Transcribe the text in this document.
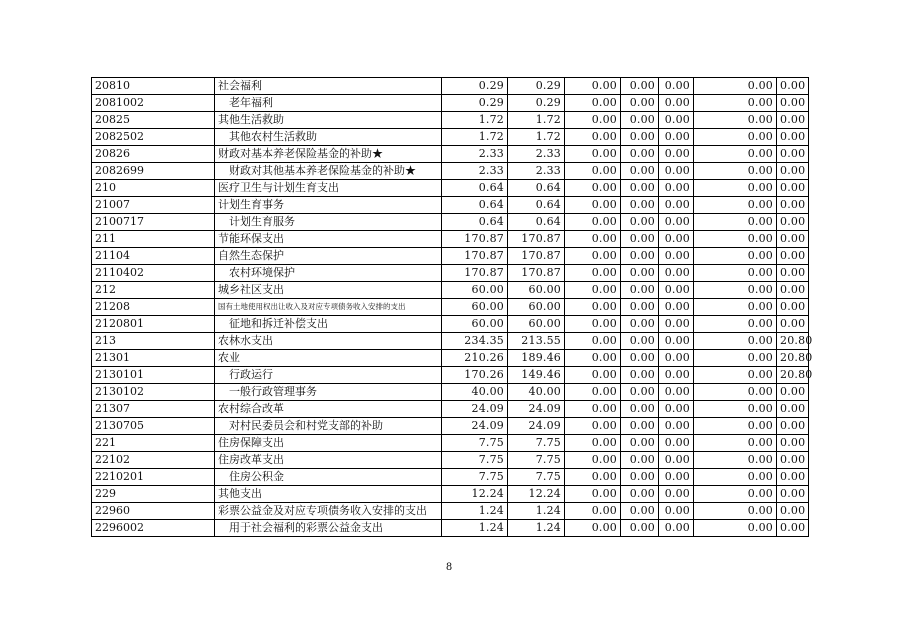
20810	社会福利	0.29	0.29	0.00	0.00	0.00	0.00	0.00
2081002	老年福利	0.29	0.29	0.00	0.00	0.00	0.00	0.00
20825	其他生活救助	1.72	1.72	0.00	0.00	0.00	0.00	0.00
2082502	其他农村生活救助	1.72	1.72	0.00	0.00	0.00	0.00	0.00
20826	财政对基本养老保险基金的补助★	2.33	2.33	0.00	0.00	0.00	0.00	0.00
2082699	财政对其他基本养老保险基金的补助★	2.33	2.33	0.00	0.00	0.00	0.00	0.00
210	医疗卫生与计划生育支出	0.64	0.64	0.00	0.00	0.00	0.00	0.00
21007	计划生育事务	0.64	0.64	0.00	0.00	0.00	0.00	0.00
2100717	计划生育服务	0.64	0.64	0.00	0.00	0.00	0.00	0.00
211	节能环保支出	170.87	170.87	0.00	0.00	0.00	0.00	0.00
21104	自然生态保护	170.87	170.87	0.00	0.00	0.00	0.00	0.00
2110402	农村环境保护	170.87	170.87	0.00	0.00	0.00	0.00	0.00
212	城乡社区支出	60.00	60.00	0.00	0.00	0.00	0.00	0.00
21208	国有土地使用权出让收入及对应专项债务收入安排的支出	60.00	60.00	0.00	0.00	0.00	0.00	0.00
2120801	征地和拆迁补偿支出	60.00	60.00	0.00	0.00	0.00	0.00	0.00
213	农林水支出	234.35	213.55	0.00	0.00	0.00	0.00	20.80
21301	农业	210.26	189.46	0.00	0.00	0.00	0.00	20.80
2130101	行政运行	170.26	149.46	0.00	0.00	0.00	0.00	20.80
2130102	一般行政管理事务	40.00	40.00	0.00	0.00	0.00	0.00	0.00
21307	农村综合改革	24.09	24.09	0.00	0.00	0.00	0.00	0.00
2130705	对村民委员会和村党支部的补助	24.09	24.09	0.00	0.00	0.00	0.00	0.00
221	住房保障支出	7.75	7.75	0.00	0.00	0.00	0.00	0.00
22102	住房改革支出	7.75	7.75	0.00	0.00	0.00	0.00	0.00
2210201	住房公积金	7.75	7.75	0.00	0.00	0.00	0.00	0.00
229	其他支出	12.24	12.24	0.00	0.00	0.00	0.00	0.00
22960	彩票公益金及对应专项债务收入安排的支出	1.24	1.24	0.00	0.00	0.00	0.00	0.00
2296002	用于社会福利的彩票公益金支出	1.24	1.24	0.00	0.00	0.00	0.00	0.00
8
